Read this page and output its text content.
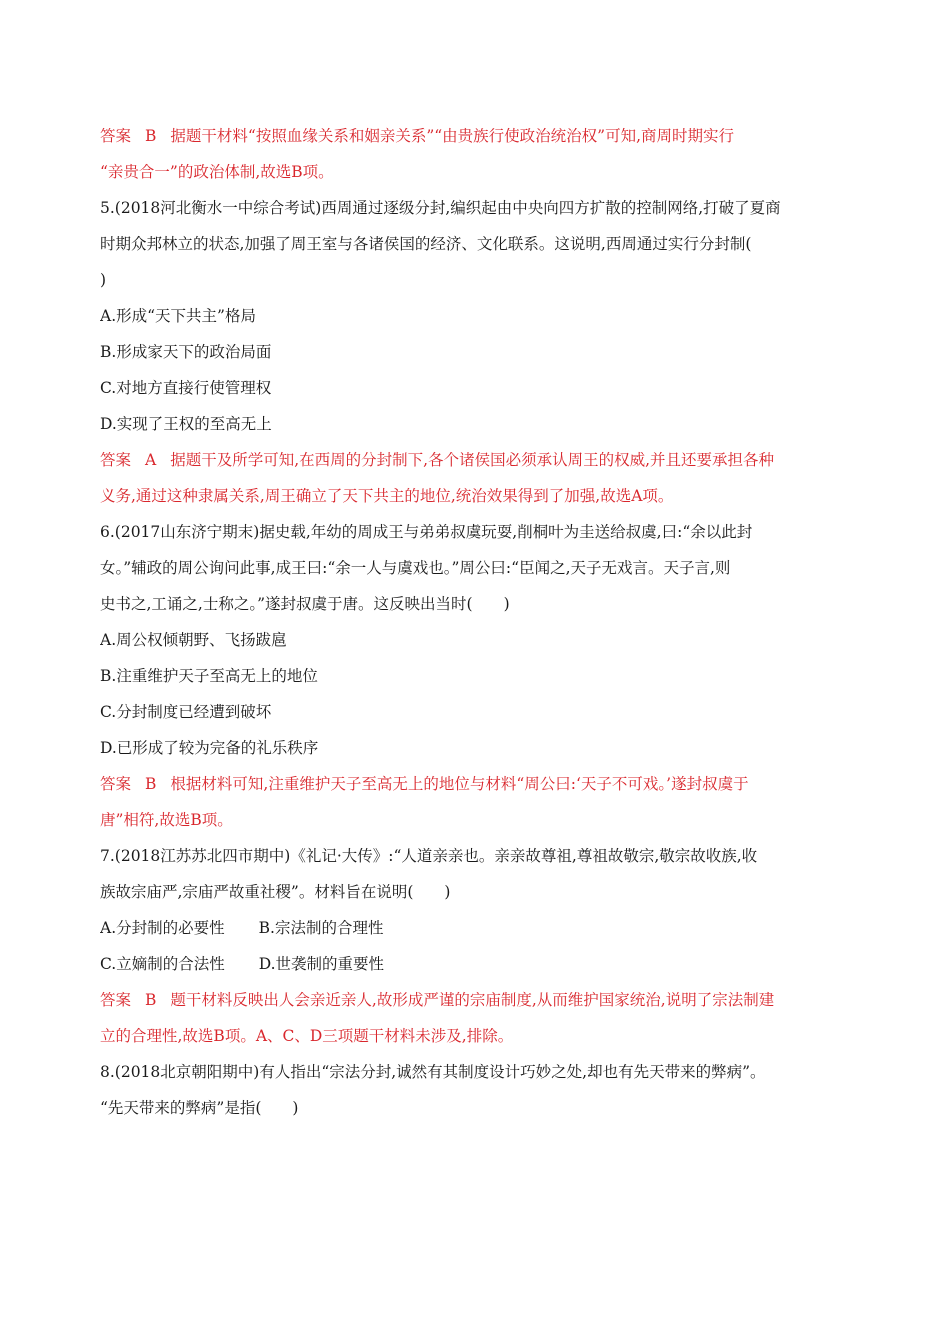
答案 B 据题干材料“按照血缘关系和姻亲关系”“由贵族行使政治统治权”可知,商周时期实行
“亲贵合一”的政治体制,故选B项。
5.(2018河北衡水一中综合考试)西周通过逐级分封,编织起由中央向四方扩散的控制网络,打破了夏商
时期众邦林立的状态,加强了周王室与各诸侯国的经济、文化联系。这说明,西周通过实行分封制(
)
A.形成“天下共主”格局
B.形成家天下的政治局面
C.对地方直接行使管理权
D.实现了王权的至高无上
答案 A 据题干及所学可知,在西周的分封制下,各个诸侯国必须承认周王的权威,并且还要承担各种
义务,通过这种隶属关系,周王确立了天下共主的地位,统治效果得到了加强,故选A项。
6.(2017山东济宁期末)据史载,年幼的周成王与弟弟叔虞玩耍,削桐叶为圭送给叔虞,曰:“余以此封
女。”辅政的周公询问此事,成王曰:“余一人与虞戏也。”周公曰:“臣闻之,天子无戏言。天子言,则
史书之,工诵之,士称之。”遂封叔虞于唐。这反映出当时(　　)
A.周公权倾朝野、飞扬跋扈
B.注重维护天子至高无上的地位
C.分封制度已经遭到破坏
D.已形成了较为完备的礼乐秩序
答案 B 根据材料可知,注重维护天子至高无上的地位与材料“周公曰:‘天子不可戏。’遂封叔虞于
唐”相符,故选B项。
7.(2018江苏苏北四市期中)《礼记·大传》:“人道亲亲也。亲亲故尊祖,尊祖故敬宗,敬宗故收族,收
族故宗庙严,宗庙严故重社稷”。材料旨在说明(　　)
A.分封制的必要性 B.宗法制的合理性
C.立嫡制的合法性 D.世袭制的重要性
答案 B 题干材料反映出人会亲近亲人,故形成严谨的宗庙制度,从而维护国家统治,说明了宗法制建
立的合理性,故选B项。A、C、D三项题干材料未涉及,排除。
8.(2018北京朝阳期中)有人指出“宗法分封,诚然有其制度设计巧妙之处,却也有先天带来的弊病”。
“先天带来的弊病”是指(　　)
